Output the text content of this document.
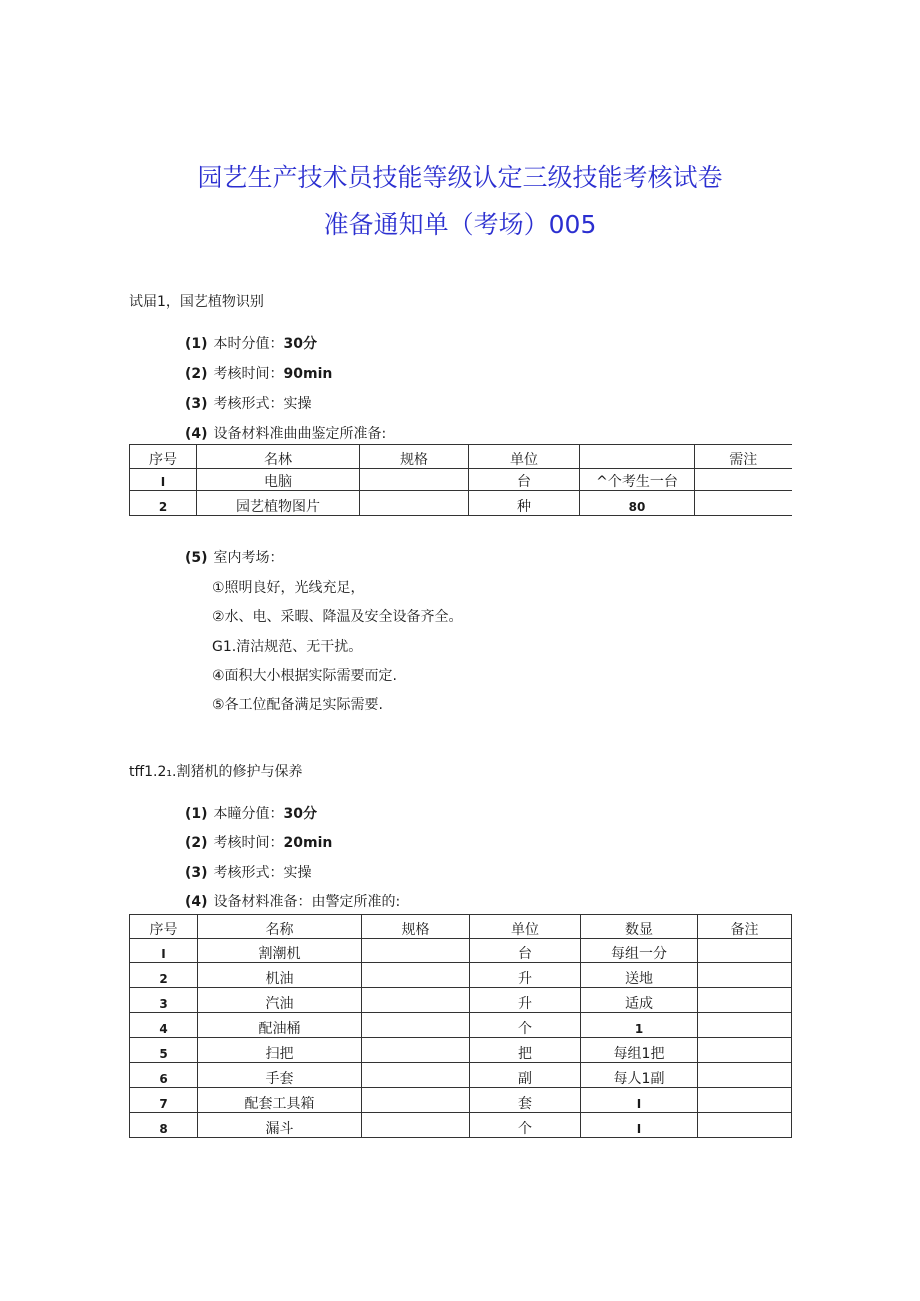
园艺生产技术员技能等级认定三级技能考核试卷
准备通知单（考场）005
试届1，国艺植物识别
(1) 本时分值：30分
(2) 考核时间：90min
(3) 考核形式：实操
(4) 设备材料准曲曲鉴定所准备:
序号	名林	规格	单位		需注
I	电脑		台	^个考生一台	
2	园艺植物图片		种	80	
(5) 室内考场：
①照明良好，光线充足，
②水、电、采暇、降温及安全设备齐全。
G1.清沽规范、无干扰。
④面积大小根据实际需要而定.
⑤各工位配备满足实际需要.
tff1.2₁.割猪机的修护与保养
(1) 本瞳分值：30分
(2) 考核时间：20min
(3) 考核形式：实操
(4) 设备材料准备：由警定所准的:
序号	名称	规格	单位	数显	备注
I	割潮机		台	每组一分	
2	机油		升	送地	
3	汽油		升	适成	
4	配油桶		个	1	
5	扫把		把	每组1把	
6	手套		副	每人1副	
7	配套工具箱		套	I	
8	漏斗		个	I	
